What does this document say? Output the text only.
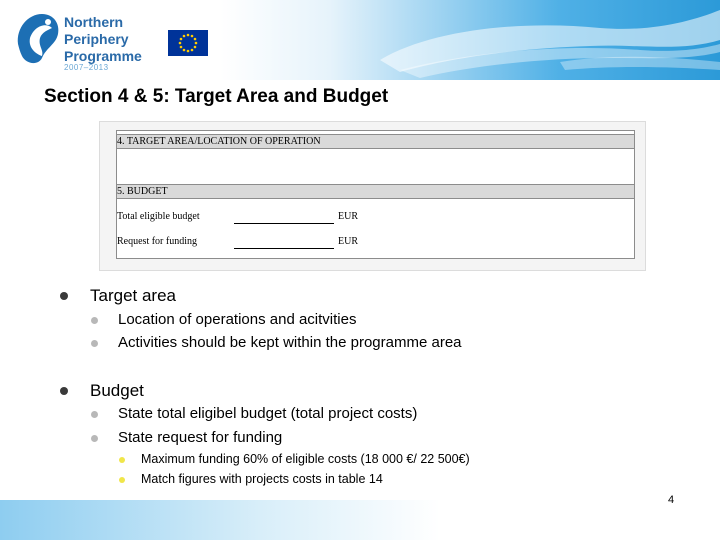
Northern Periphery Programme
2007–2013
Section 4 & 5: Target Area and Budget
4. TARGET AREA/LOCATION OF OPERATION
5. BUDGET
Total eligible budget	EUR
Request for funding	EUR
Target area
Location of operations and acitvities
Activities should be kept within the programme area
Budget
State total eligibel budget (total project costs)
State request for funding
Maximum funding 60% of eligible costs (18 000 €/ 22 500€)
Match figures with projects costs in table 14
4
